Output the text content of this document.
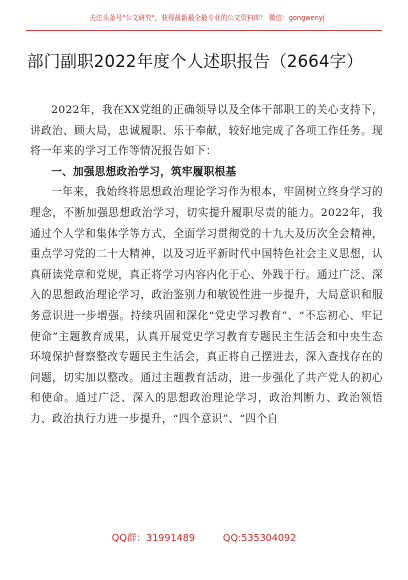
关注头条号"公文研究"，获得最新最全最专业的公文资料库！ 微信：gongwenyj
部门副职2022年度个人述职报告（2664字）

2022年，我在XX党组的正确领导以及全体干部职工的关心支持下，讲政治、顾大局，忠诚履职、乐于奉献，较好地完成了各项工作任务。现将一年来的学习工作等情况报告如下：

一、加强思想政治学习，筑牢履职根基

一年来，我始终将思想政治理论学习作为根本，牢固树立终身学习的理念，不断加强思想政治学习，切实提升履职尽责的能力。2022年，我通过个人学和集体学等方式，全面学习贯彻党的十九大及历次全会精神，重点学习党的二十大精神，以及习近平新时代中国特色社会主义思想，认真研读党章和党规，真正将学习内容内化于心、外践于行。通过广泛、深入的思想政治理论学习，政治鉴别力和敏锐性进一步提升，大局意识和服务意识进一步增强。持续巩固和深化“党史学习教育”、“不忘初心、牢记使命”主题教育成果，认真开展党史学习教育专题民主生活会和中央生态环境保护督察整改专题民主生活会，真正将自己摆进去，深入查找存在的问题，切实加以整改。通过主题教育活动，进一步强化了共产党人的初心和使命。通过广泛、深入的思想政治理论学习，政治判断力、政治领悟力、政治执行力进一步提升，“四个意识”、“四个自

QQ群：31991489	QQ:535304092
